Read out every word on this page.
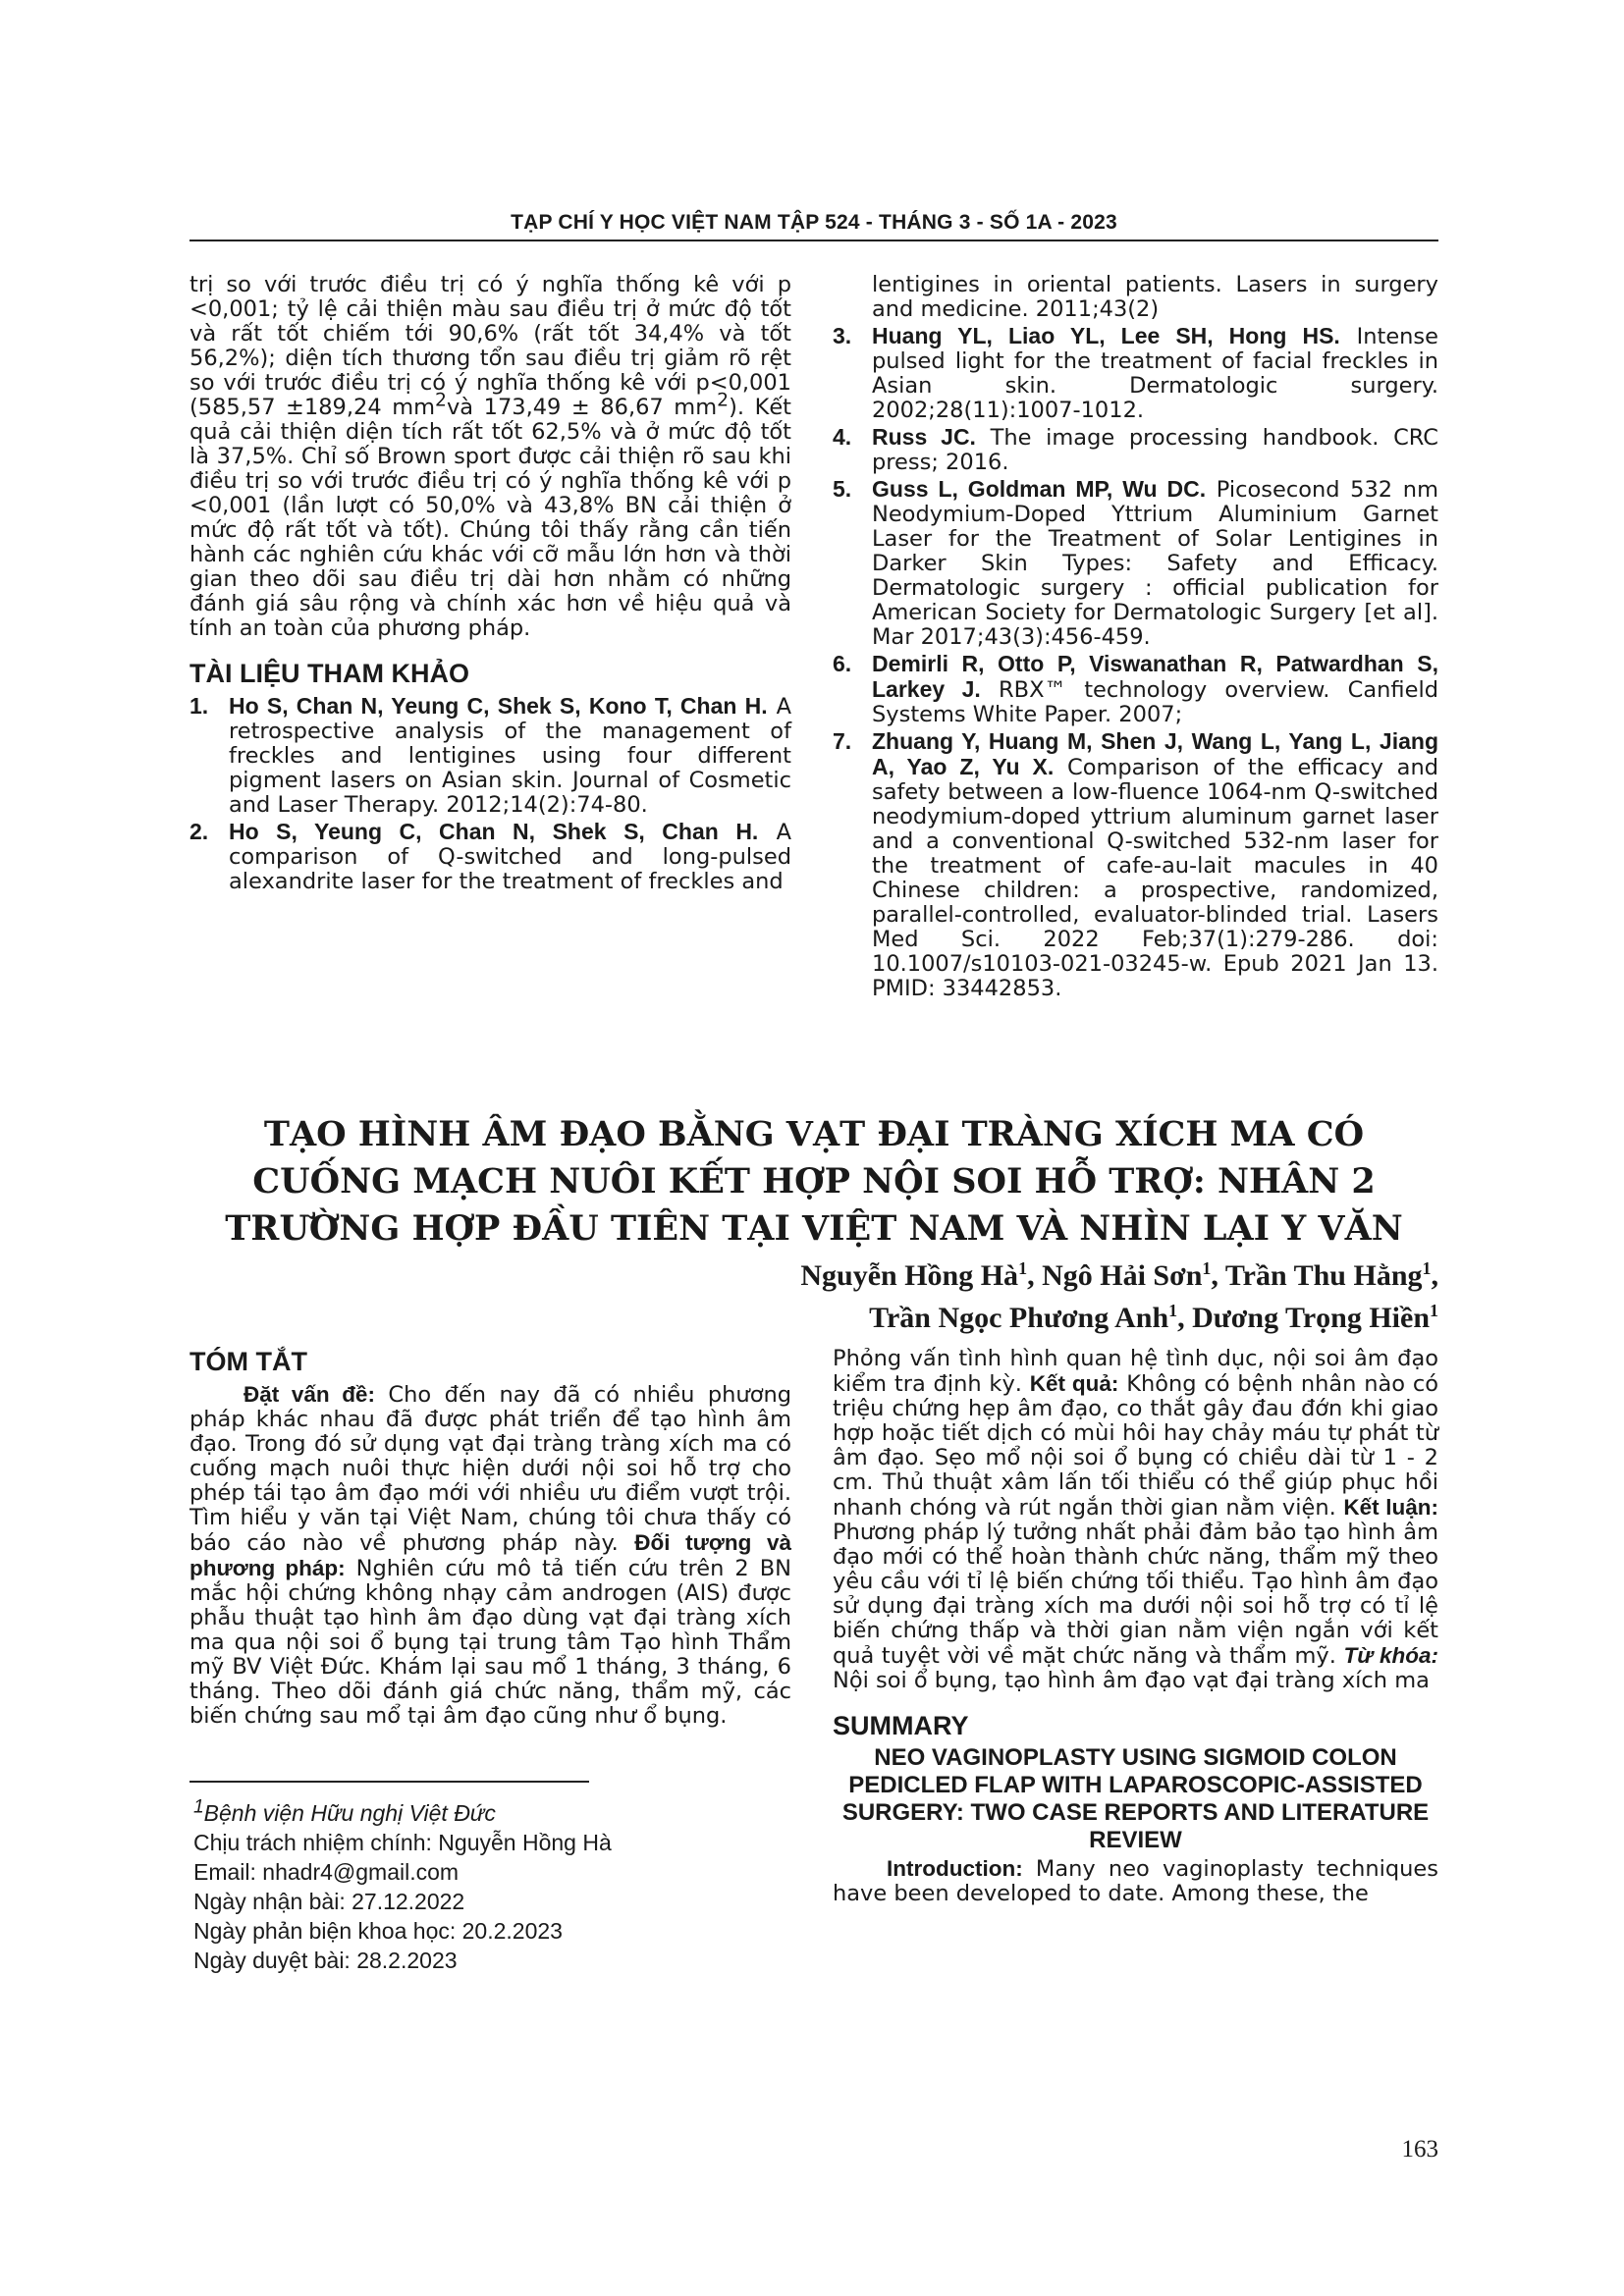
TẠP CHÍ Y HỌC VIỆT NAM TẬP 524 - THÁNG 3 - SỐ 1A - 2023

trị so với trước điều trị có ý nghĩa thống kê với p <0,001; tỷ lệ cải thiện màu sau điều trị ở mức độ tốt và rất tốt chiếm tới 90,6% (rất tốt 34,4% và tốt 56,2%); diện tích thương tổn sau điều trị giảm rõ rệt so với trước điều trị có ý nghĩa thống kê với p<0,001 (585,57 ±189,24 $mm^2và$ 173,49 ± 86,67 $mm^2$). Kết quả cải thiện diện tích rất tốt 62,5% và ở mức độ tốt là 37,5%. Chỉ số Brown sport được cải thiện rõ sau khi điều trị so với trước điều trị có ý nghĩa thống kê với p <0,001 (lần lượt có 50,0% và 43,8% BN cải thiện ở mức độ rất tốt và tốt). Chúng tôi thấy rằng cần tiến hành các nghiên cứu khác với cỡ mẫu lớn hơn và thời gian theo dõi sau điều trị dài hơn nhằm có những đánh giá sâu rộng và chính xác hơn về hiệu quả và tính an toàn của phương pháp.

TÀI LIỆU THAM KHẢO
1. Ho S, Chan N, Yeung C, Shek S, Kono T, Chan H. A retrospective analysis of the management of freckles and lentigines using four different pigment lasers on Asian skin. Journal of Cosmetic and Laser Therapy. 2012;14(2):74-80.
2. Ho S, Yeung C, Chan N, Shek S, Chan H. A comparison of Q-switched and long-pulsed alexandrite laser for the treatment of freckles and
lentigines in oriental patients. Lasers in surgery and medicine. 2011;43(2)
3. Huang YL, Liao YL, Lee SH, Hong HS. Intense pulsed light for the treatment of facial freckles in Asian skin. Dermatologic surgery. 2002;28(11):1007-1012.
4. Russ JC. The image processing handbook. CRC press; 2016.
5. Guss L, Goldman MP, Wu DC. Picosecond 532 nm Neodymium-Doped Yttrium Aluminium Garnet Laser for the Treatment of Solar Lentigines in Darker Skin Types: Safety and Efficacy. Dermatologic surgery : official publication for American Society for Dermatologic Surgery [et al]. Mar 2017;43(3):456-459.
6. Demirli R, Otto P, Viswanathan R, Patwardhan S, Larkey J. RBX™ technology overview. Canfield Systems White Paper. 2007;
7. Zhuang Y, Huang M, Shen J, Wang L, Yang L, Jiang A, Yao Z, Yu X. Comparison of the efficacy and safety between a low-fluence 1064-nm Q-switched neodymium-doped yttrium aluminum garnet laser and a conventional Q-switched 532-nm laser for the treatment of cafe-au-lait macules in 40 Chinese children: a prospective, randomized, parallel-controlled, evaluator-blinded trial. Lasers Med Sci. 2022 Feb;37(1):279-286. doi: 10.1007/s10103-021-03245-w. Epub 2021 Jan 13. PMID: 33442853.
TẠO HÌNH ÂM ĐẠO BẰNG VẠT ĐẠI TRÀNG XÍCH MA CÓ
CUỐNG MẠCH NUÔI KẾT HỢP NỘI SOI HỖ TRỢ: NHÂN 2
TRƯỜNG HỢP ĐẦU TIÊN TẠI VIỆT NAM VÀ NHÌN LẠI Y VĂN
Nguyễn Hồng $Hà^1$, Ngô Hải Sơn$^1$, Trần Thu Hằng$^1$,
Trần Ngọc Phương Anh$^1$, Dương Trọng Hiền$^1$
TÓM TẮT

Đặt vấn đề: Cho đến nay đã có nhiều phương pháp khác nhau đã được phát triển để tạo hình âm đạo. Trong đó sử dụng vạt đại tràng tràng xích ma có cuống mạch nuôi thực hiện dưới nội soi hỗ trợ cho phép tái tạo âm đạo mới với nhiều ưu điểm vượt trội. Tìm hiểu y văn tại Việt Nam, chúng tôi chưa thấy có báo cáo nào về phương pháp này. Đối tượng và phương pháp: Nghiên cứu mô tả tiến cứu trên 2 BN mắc hội chứng không nhạy cảm androgen (AIS) được phẫu thuật tạo hình âm đạo dùng vạt đại tràng xích ma qua nội soi ổ bụng tại trung tâm Tạo hình Thẩm mỹ BV Việt Đức. Khám lại sau mổ 1 tháng, 3 tháng, 6 tháng. Theo dõi đánh giá chức năng, thẩm mỹ, các biến chứng sau mổ tại âm đạo cũng như ổ bụng.

$^1$Bệnh viện Hữu nghị Việt Đức
Chịu trách nhiệm chính: Nguyễn Hồng Hà
Email: nhadr4@gmail.com
Ngày nhận bài: 27.12.2022
Ngày phản biện khoa học: 20.2.2023
Ngày duyệt bài: 28.2.2023

Phỏng vấn tình hình quan hệ tình dục, nội soi âm đạo kiểm tra định kỳ. Kết quả: Không có bệnh nhân nào có triệu chứng hẹp âm đạo, co thắt gây đau đớn khi giao hợp hoặc tiết dịch có mùi hôi hay chảy máu tự phát từ âm đạo. Sẹo mổ nội soi ổ bụng có chiều dài từ 1 - 2 cm. Thủ thuật xâm lấn tối thiểu có thể giúp phục hồi nhanh chóng và rút ngắn thời gian nằm viện. Kết luận: Phương pháp lý tưởng nhất phải đảm bảo tạo hình âm đạo mới có thể hoàn thành chức năng, thẩm mỹ theo yêu cầu với tỉ lệ biến chứng tối thiểu. Tạo hình âm đạo sử dụng đại tràng xích ma dưới nội soi hỗ trợ có tỉ lệ biến chứng thấp và thời gian nằm viện ngắn với kết quả tuyệt vời về mặt chức năng và thẩm mỹ. Từ khóa: Nội soi ổ bụng, tạo hình âm đạo vạt đại tràng xích ma

SUMMARY
NEO VAGINOPLASTY USING SIGMOID COLON PEDICLED FLAP WITH LAPAROSCOPIC-ASSISTED SURGERY: TWO CASE REPORTS AND LITERATURE REVIEW

Introduction: Many neo vaginoplasty techniques have been developed to date. Among these, the

163
